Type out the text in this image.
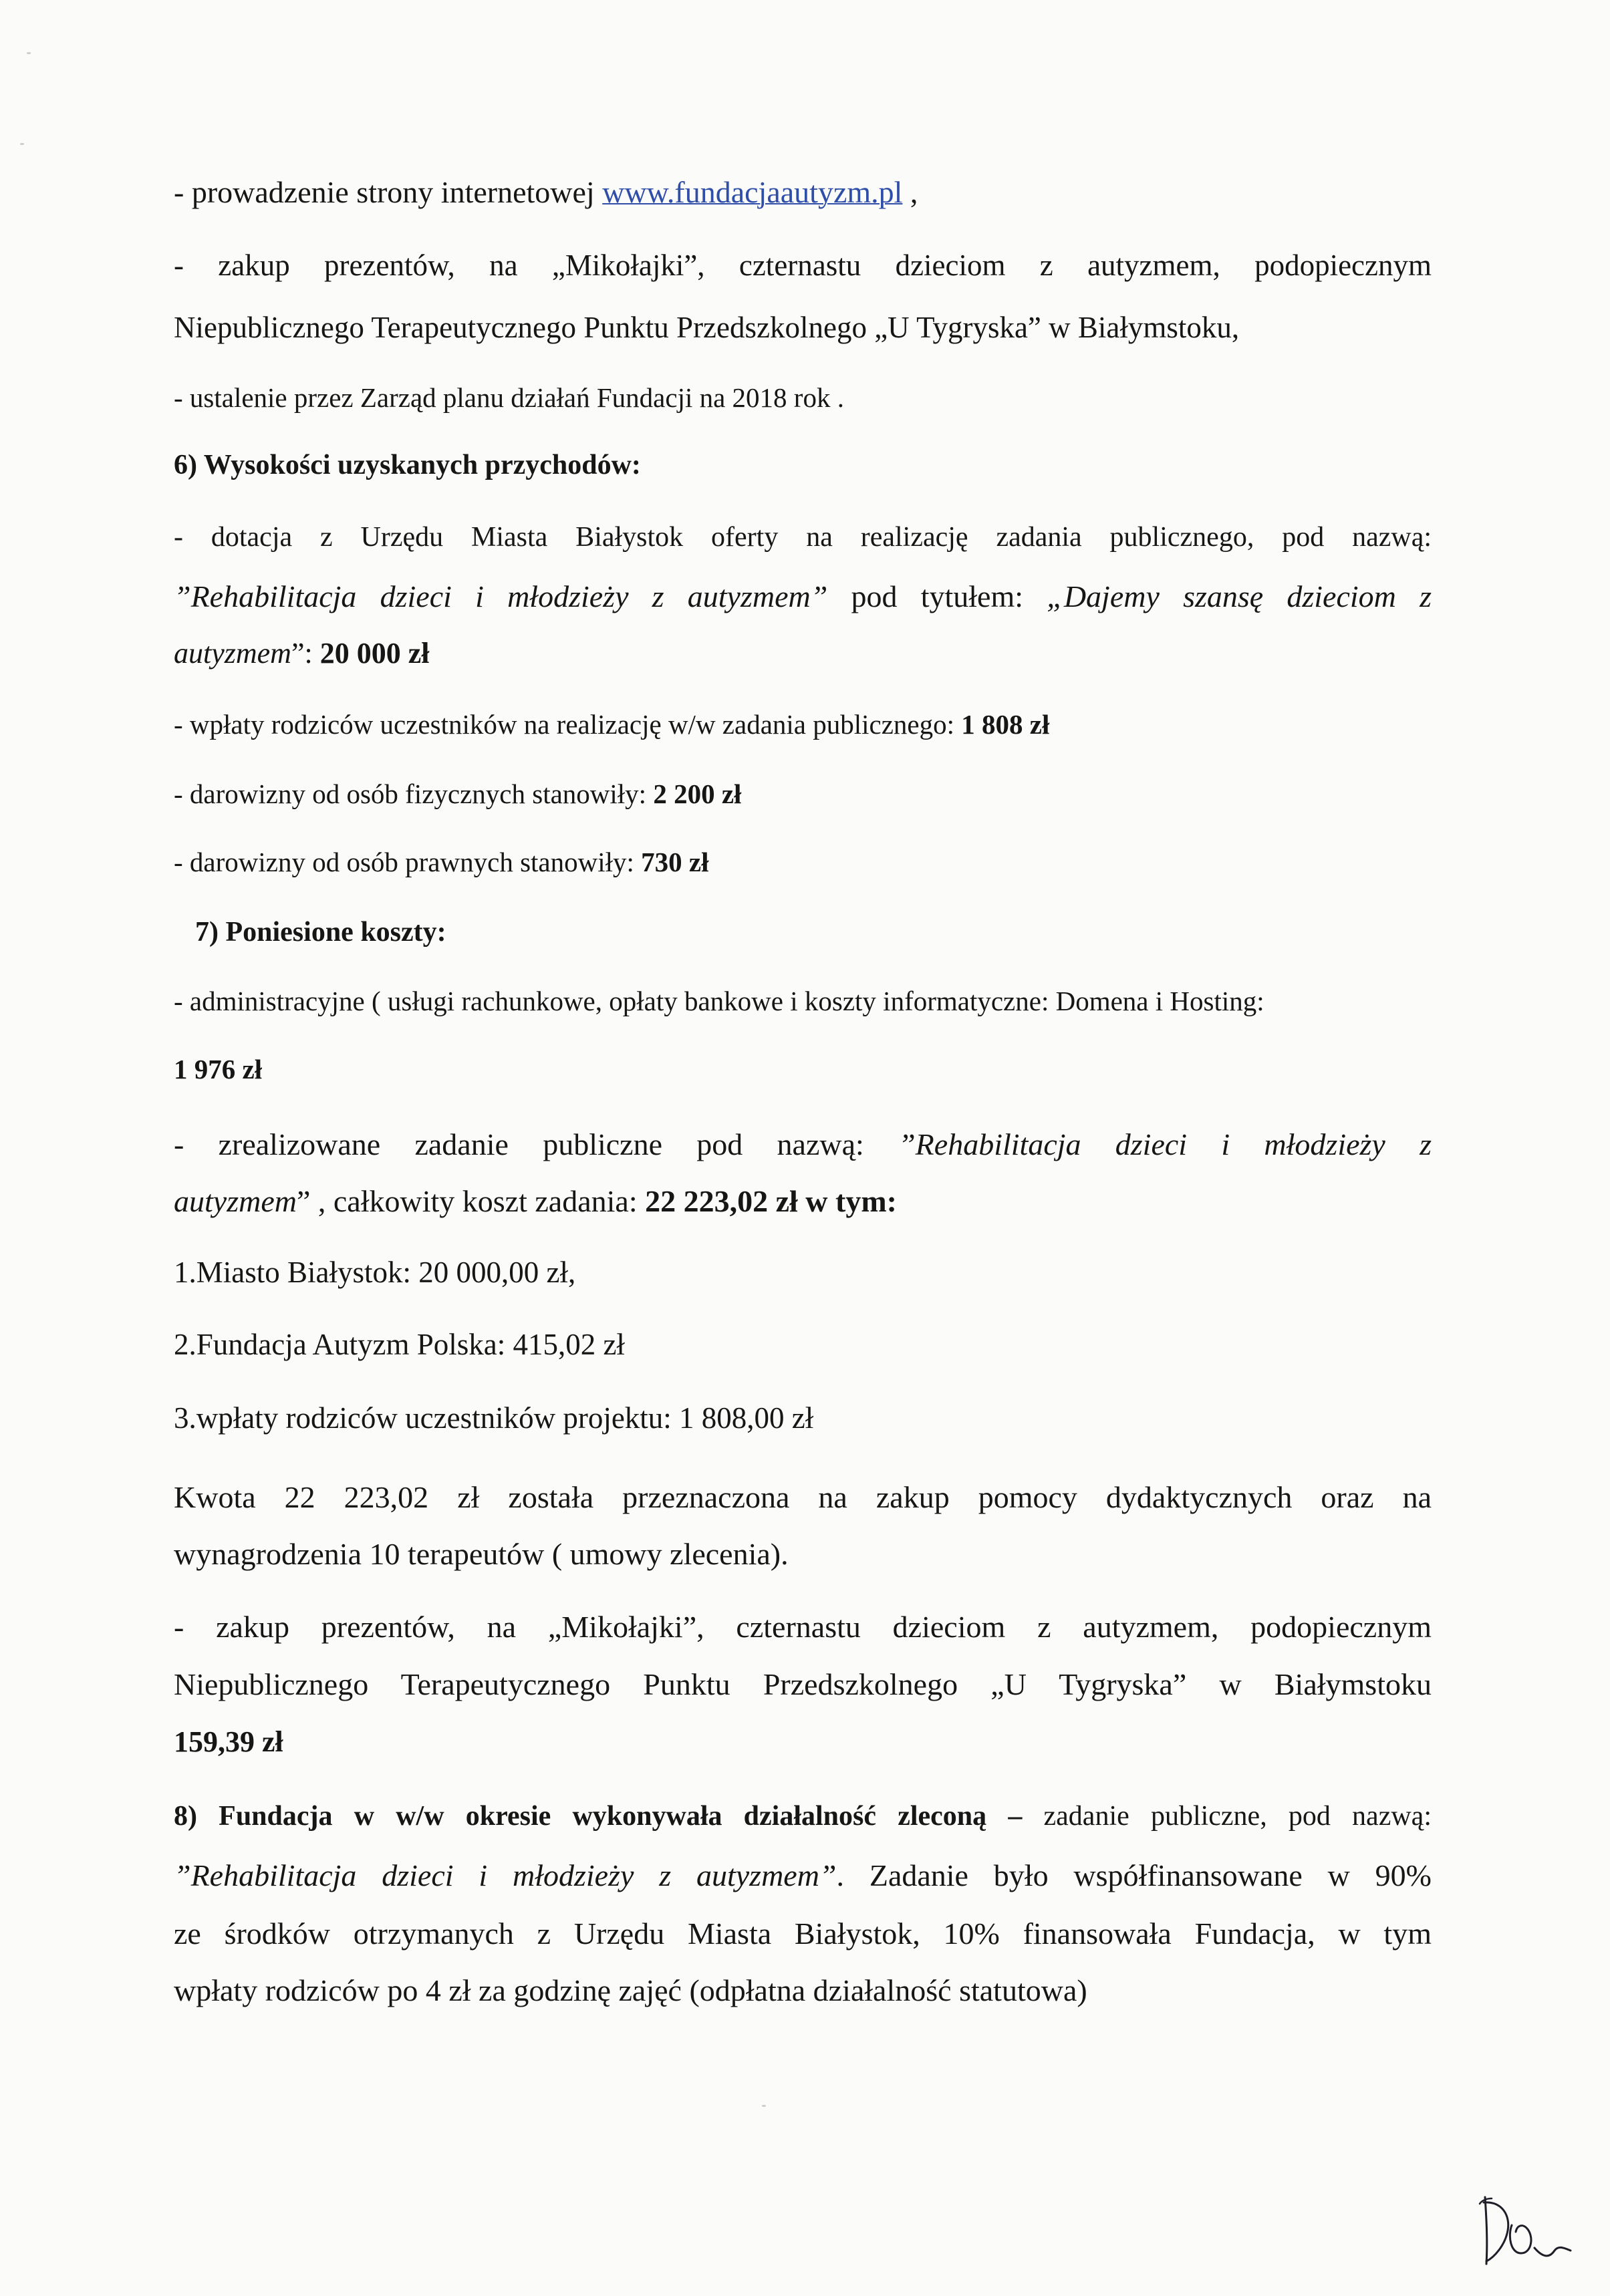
- prowadzenie strony internetowej www.fundacjaautyzm.pl ,
- zakup prezentów, na „Mikołajki”, czternastu dzieciom z autyzmem, podopiecznym
Niepublicznego Terapeutycznego Punktu Przedszkolnego „U Tygryska” w Białymstoku,
- ustalenie przez Zarząd planu działań Fundacji na 2018 rok .
6) Wysokości uzyskanych przychodów:
- dotacja z Urzędu Miasta Białystok oferty na realizację zadania publicznego, pod nazwą:
”Rehabilitacja dzieci i młodzieży z autyzmem” pod tytułem: „Dajemy szansę dzieciom z
autyzmem”: 20 000 zł
- wpłaty rodziców uczestników na realizację w/w zadania publicznego: 1 808 zł
- darowizny od osób fizycznych stanowiły: 2 200 zł
- darowizny od osób prawnych stanowiły: 730 zł
7) Poniesione koszty:
- administracyjne ( usługi rachunkowe, opłaty bankowe i koszty informatyczne: Domena i Hosting:
1 976 zł
- zrealizowane zadanie publiczne pod nazwą: ”Rehabilitacja dzieci i młodzieży z
autyzmem” , całkowity koszt zadania: 22 223,02 zł w tym:
1.Miasto Białystok: 20 000,00 zł,
2.Fundacja Autyzm Polska: 415,02 zł
3.wpłaty rodziców uczestników projektu: 1 808,00 zł
Kwota 22 223,02 zł została przeznaczona na zakup pomocy dydaktycznych oraz na
wynagrodzenia 10 terapeutów ( umowy zlecenia).
- zakup prezentów, na „Mikołajki”, czternastu dzieciom z autyzmem, podopiecznym
Niepublicznego Terapeutycznego Punktu Przedszkolnego „U Tygryska” w Białymstoku
159,39 zł
8) Fundacja w w/w okresie wykonywała działalność zleconą – zadanie publiczne, pod nazwą:
”Rehabilitacja dzieci i młodzieży z autyzmem”. Zadanie było współfinansowane w 90%
ze środków otrzymanych z Urzędu Miasta Białystok, 10% finansowała Fundacja, w tym
wpłaty rodziców po 4 zł za godzinę zajęć (odpłatna działalność statutowa)
